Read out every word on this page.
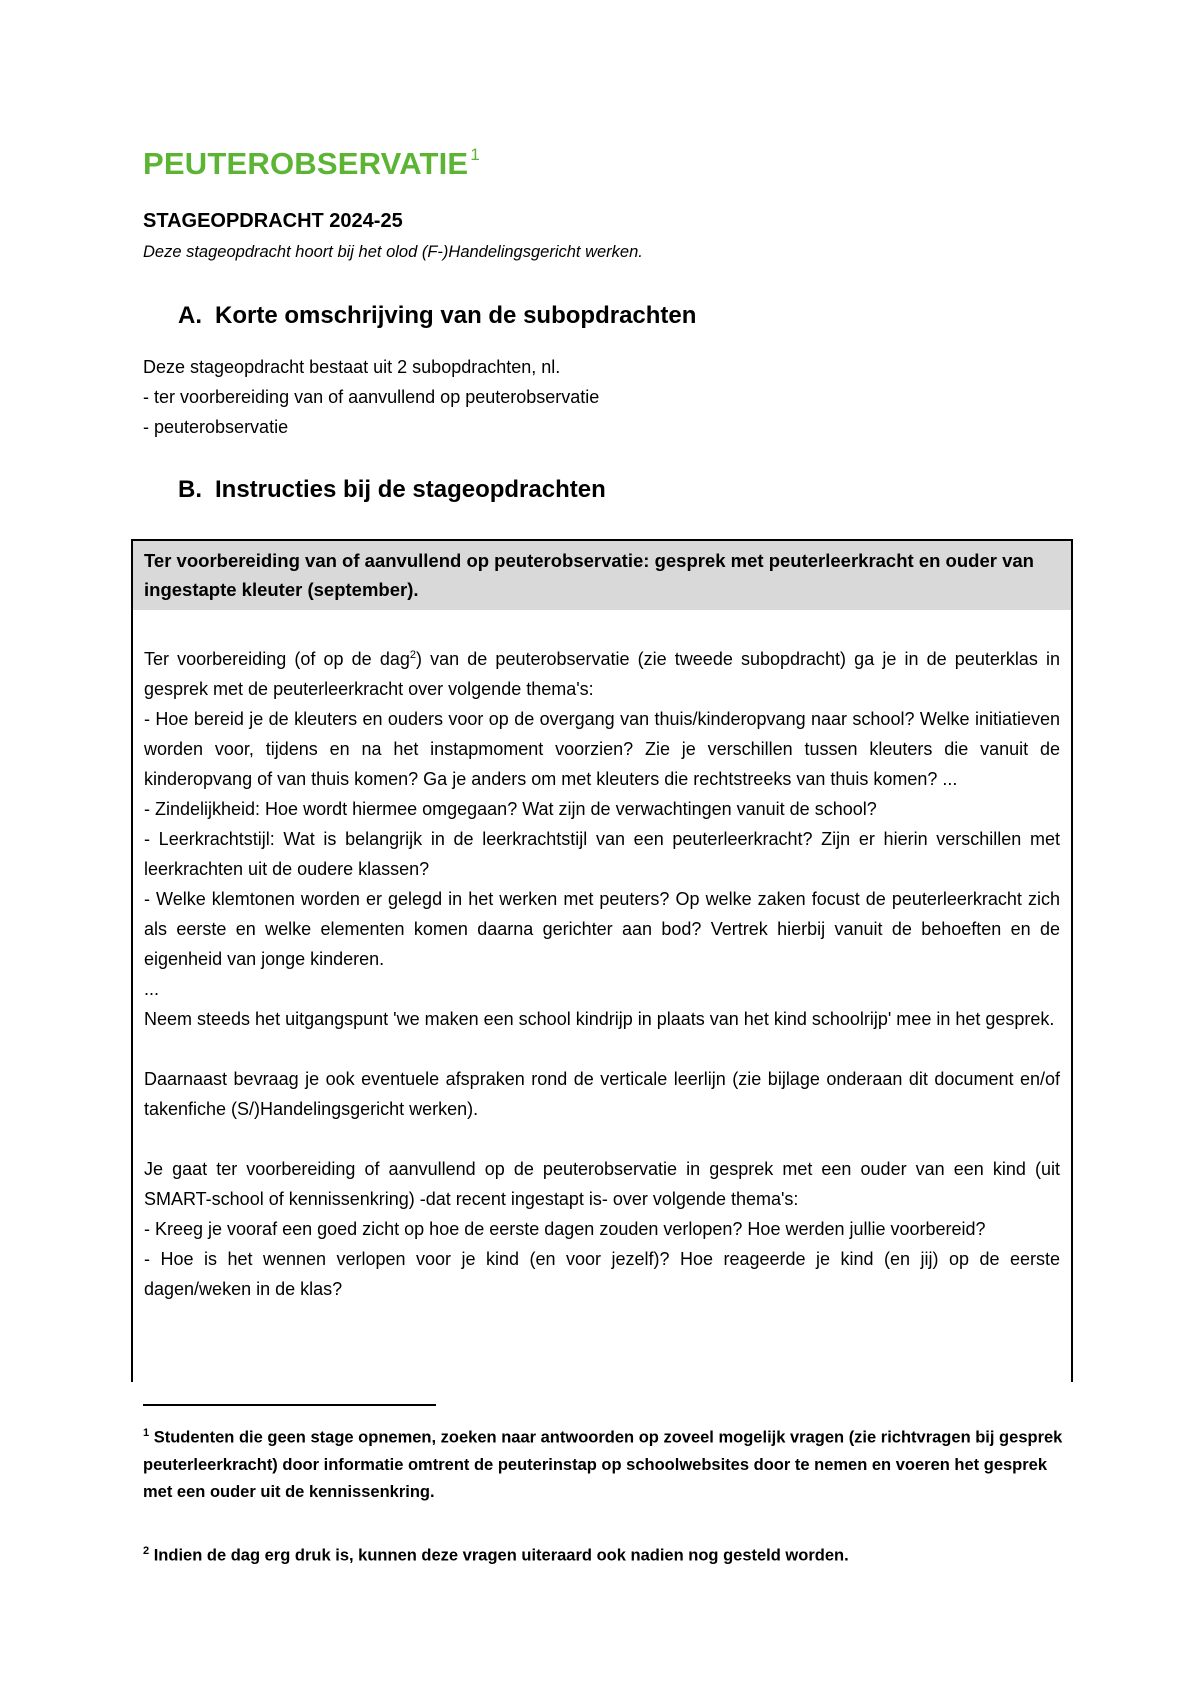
PEUTEROBSERVATIE $^1$
STAGEOPDRACHT 2024-25
Deze stageopdracht hoort bij het olod (F-)Handelingsgericht werken.
A. Korte omschrijving van de subopdrachten
Deze stageopdracht bestaat uit 2 subopdrachten, nl.
- ter voorbereiding van of aanvullend op peuterobservatie
- peuterobservatie
B. Instructies bij de stageopdrachten
Ter voorbereiding van of aanvullend op peuterobservatie: gesprek met peuterleerkracht en ouder van ingestapte kleuter (september).

Ter voorbereiding (of op de dag$^2$) van de peuterobservatie (zie tweede subopdracht) ga je in de peuterklas in gesprek met de peuterleerkracht over volgende thema's:

- Hoe bereid je de kleuters en ouders voor op de overgang van thuis/kinderopvang naar school? Welke initiatieven worden voor, tijdens en na het instapmoment voorzien? Zie je verschillen tussen kleuters die vanuit de kinderopvang of van thuis komen? Ga je anders om met kleuters die rechtstreeks van thuis komen? ...

- Zindelijkheid: Hoe wordt hiermee omgegaan? Wat zijn de verwachtingen vanuit de school?

- Leerkrachtstijl: Wat is belangrijk in de leerkrachtstijl van een peuterleerkracht? Zijn er hierin verschillen met leerkrachten uit de oudere klassen?

- Welke klemtonen worden er gelegd in het werken met peuters? Op welke zaken focust de peuterleerkracht zich als eerste en welke elementen komen daarna gerichter aan bod? Vertrek hierbij vanuit de behoeften en de eigenheid van jonge kinderen.

...

Neem steeds het uitgangspunt 'we maken een school kindrijp in plaats van het kind schoolrijp' mee in het gesprek.

Daarnaast bevraag je ook eventuele afspraken rond de verticale leerlijn (zie bijlage onderaan dit document en/of takenfiche (S/)Handelingsgericht werken).

Je gaat ter voorbereiding of aanvullend op de peuterobservatie in gesprek met een ouder van een kind (uit SMART-school of kennissenkring) -dat recent ingestapt is- over volgende thema's:

- Kreeg je vooraf een goed zicht op hoe de eerste dagen zouden verlopen? Hoe werden jullie voorbereid?

- Hoe is het wennen verlopen voor je kind (en voor jezelf)? Hoe reageerde je kind (en jij) op de eerste dagen/weken in de klas?

$^1$ Studenten die geen stage opnemen, zoeken naar antwoorden op zoveel mogelijk vragen (zie richtvragen bij gesprek peuterleerkracht) door informatie omtrent de peuterinstap op schoolwebsites door te nemen en voeren het gesprek met een ouder uit de kennissenkring.
$^2$ Indien de dag erg druk is, kunnen deze vragen uiteraard ook nadien nog gesteld worden.
